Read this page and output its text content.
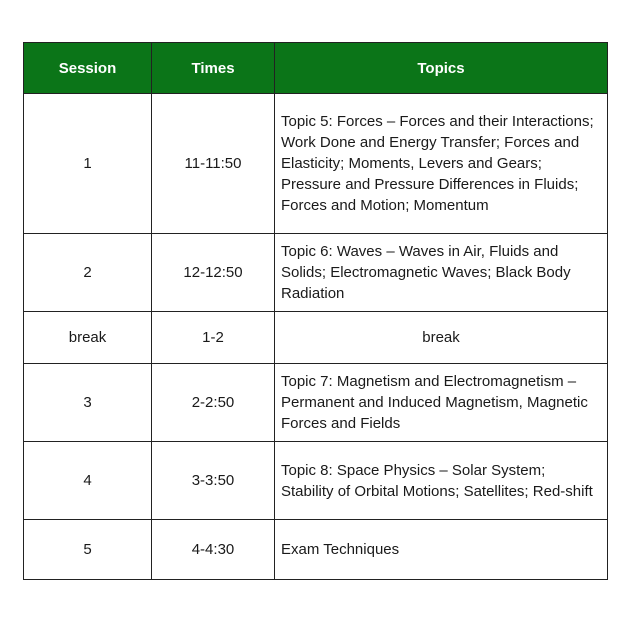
Session	Times	Topics
1	11-11:50	Topic 5: Forces – Forces and their Interactions; Work Done and Energy Transfer; Forces and Elasticity; Moments, Levers and Gears; Pressure and Pressure Differences in Fluids; Forces and Motion; Momentum
2	12-12:50	Topic 6: Waves – Waves in Air, Fluids and Solids; Electromagnetic Waves; Black Body Radiation
break	1-2	break
3	2-2:50	Topic 7: Magnetism and Electromagnetism – Permanent and Induced Magnetism, Magnetic Forces and Fields
4	3-3:50	Topic 8: Space Physics – Solar System; Stability of Orbital Motions; Satellites; Red-shift
5	4-4:30	Exam Techniques
